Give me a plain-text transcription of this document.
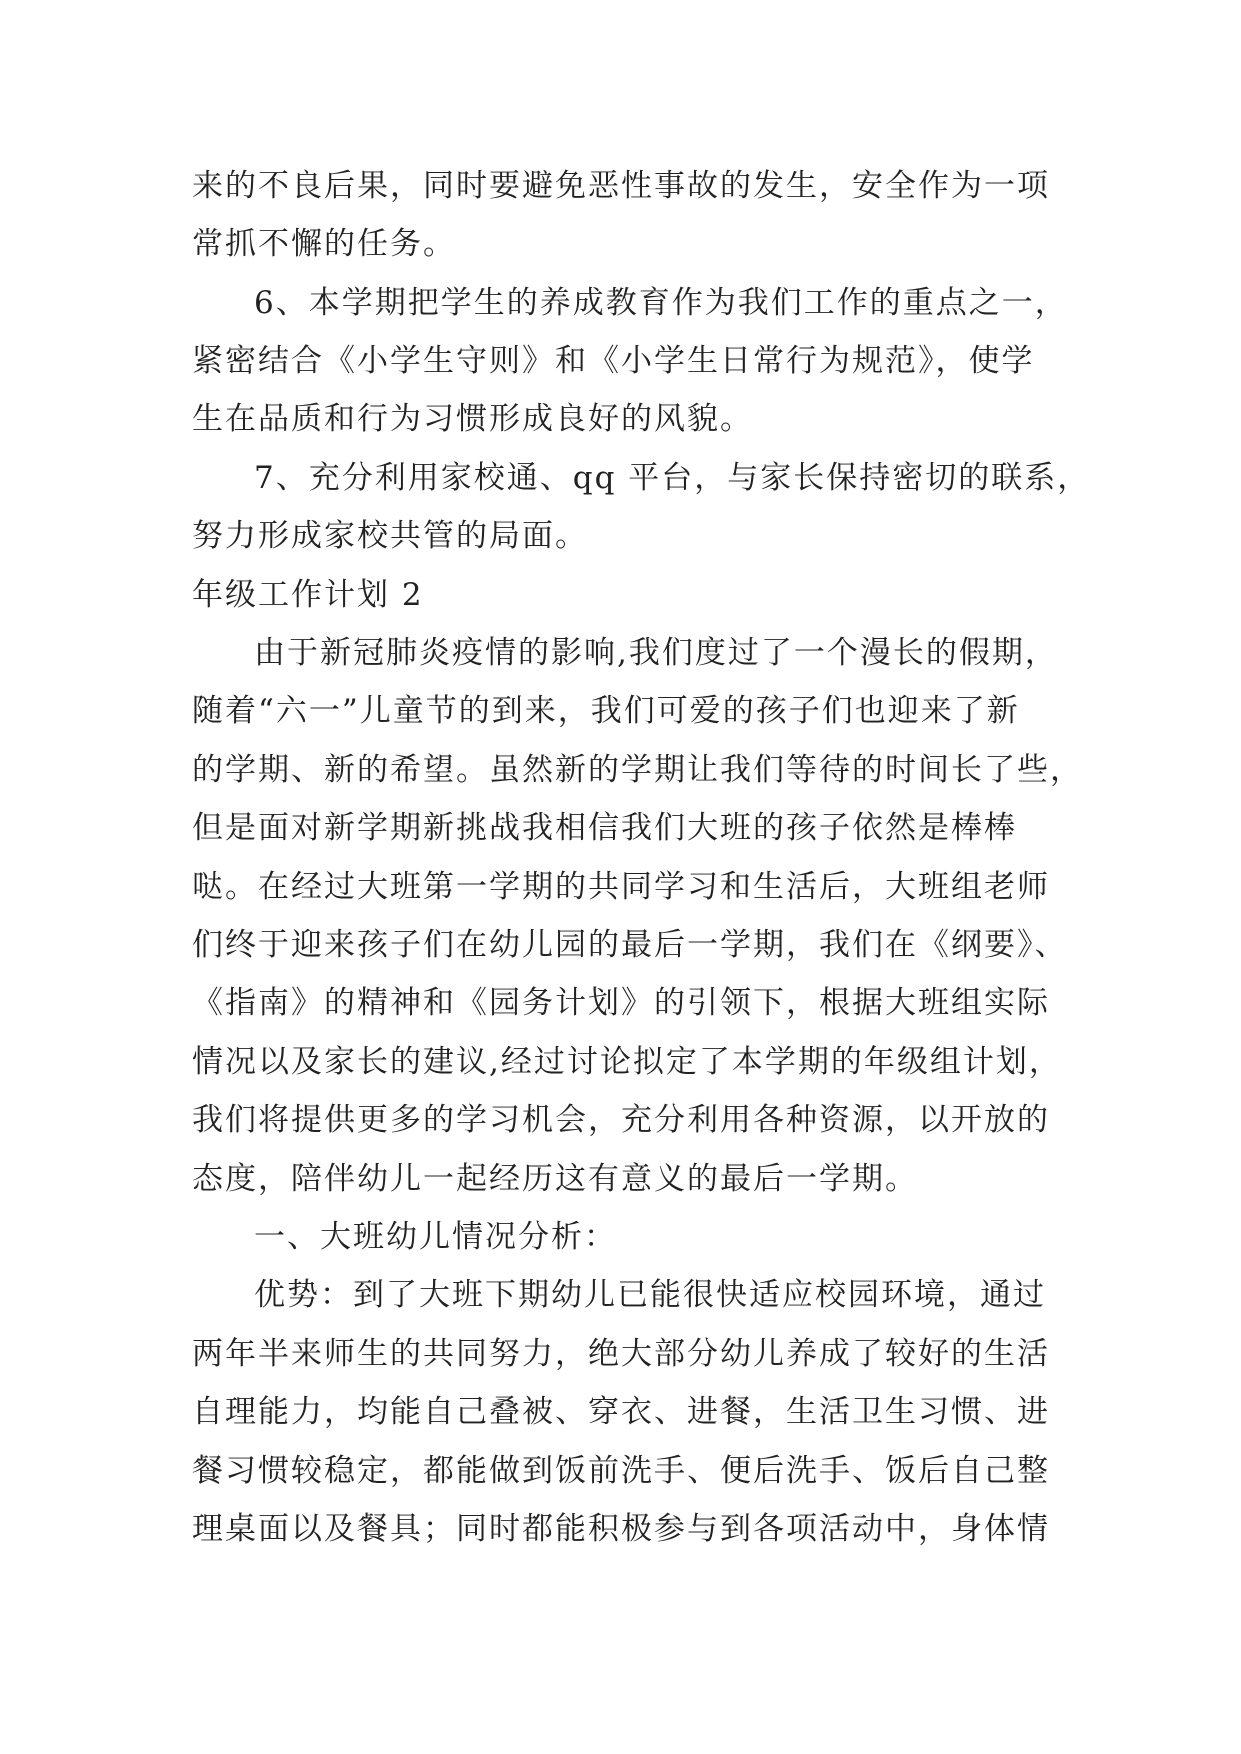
来的不良后果，同时要避免恶性事故的发生，安全作为一项
常抓不懈的任务。
6、本学期把学生的养成教育作为我们工作的重点之一，
紧密结合《小学生守则》和《小学生日常行为规范》，使学
生在品质和行为习惯形成良好的风貌。
7、充分利用家校通、qq 平台，与家长保持密切的联系，
努力形成家校共管的局面。
年级工作计划 2
由于新冠肺炎疫情的影响,我们度过了一个漫长的假期，
随着“六一”儿童节的到来，我们可爱的孩子们也迎来了新
的学期、新的希望。虽然新的学期让我们等待的时间长了些，
但是面对新学期新挑战我相信我们大班的孩子依然是棒棒
哒。在经过大班第一学期的共同学习和生活后，大班组老师
们终于迎来孩子们在幼儿园的最后一学期，我们在《纲要》、
《指南》的精神和《园务计划》的引领下，根据大班组实际
情况以及家长的建议,经过讨论拟定了本学期的年级组计划，
我们将提供更多的学习机会，充分利用各种资源，以开放的
态度，陪伴幼儿一起经历这有意义的最后一学期。
一、大班幼儿情况分析：
优势：到了大班下期幼儿已能很快适应校园环境，通过
两年半来师生的共同努力，绝大部分幼儿养成了较好的生活
自理能力，均能自己叠被、穿衣、进餐，生活卫生习惯、进
餐习惯较稳定，都能做到饭前洗手、便后洗手、饭后自己整
理桌面以及餐具；同时都能积极参与到各项活动中，身体情
